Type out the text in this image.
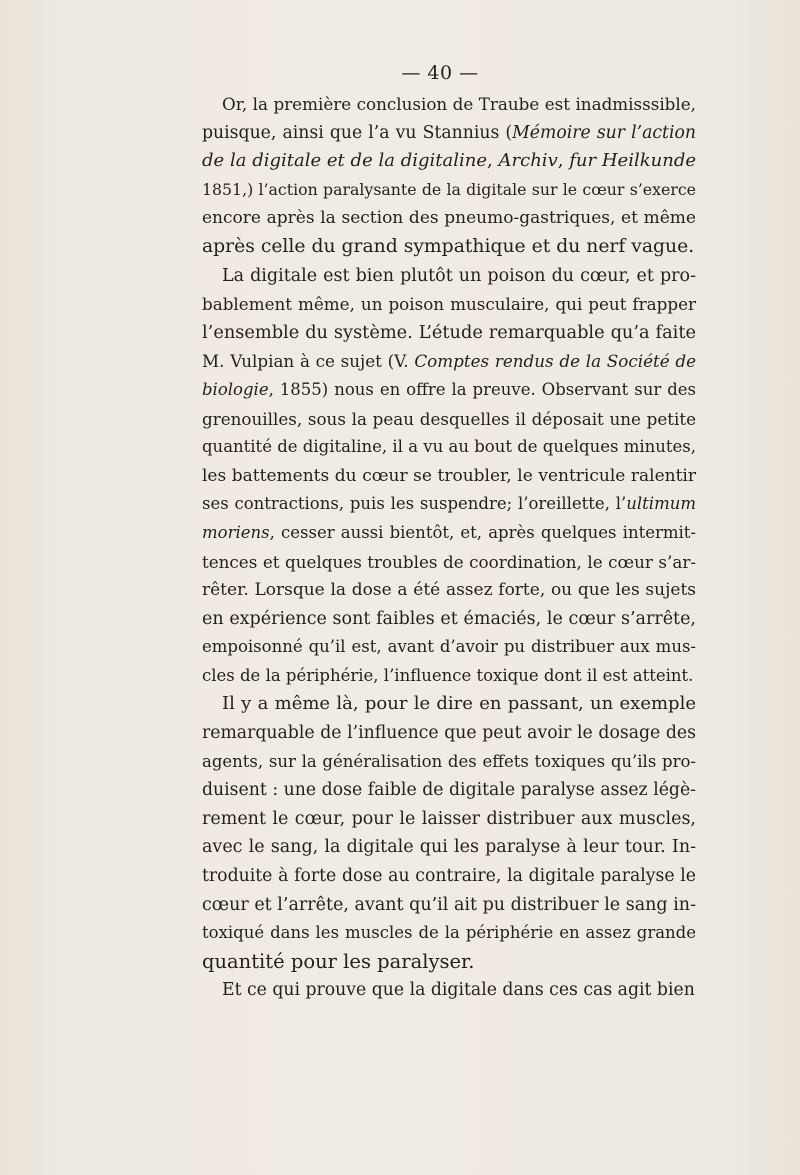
— 40 —
Or, la première conclusion de Traube est inadmisssible,
puisque, ainsi que l’a vu Stannius (Mémoire sur l’action
de la digitale et de la digitaline, Archiv, fur Heilkunde
1851,) l’action paralysante de la digitale sur le cœur s’exerce
encore après la section des pneumo-gastriques, et même
après celle du grand sympathique et du nerf vague.
La digitale est bien plutôt un poison du cœur, et pro-
bablement même, un poison musculaire, qui peut frapper
l’ensemble du système. L’étude remarquable qu’a faite
M. Vulpian à ce sujet (V. Comptes rendus de la Société de
biologie, 1855) nous en offre la preuve. Observant sur des
grenouilles, sous la peau desquelles il déposait une petite
quantité de digitaline, il a vu au bout de quelques minutes,
les battements du cœur se troubler, le ventricule ralentir
ses contractions, puis les suspendre; l’oreillette, l’ultimum
moriens, cesser aussi bientôt, et, après quelques intermit-
tences et quelques troubles de coordination, le cœur s’ar-
rêter. Lorsque la dose a été assez forte, ou que les sujets
en expérience sont faibles et émaciés, le cœur s’arrête,
empoisonné qu’il est, avant d’avoir pu distribuer aux mus-
cles de la périphérie, l’influence toxique dont il est atteint.
Il y a même là, pour le dire en passant, un exemple
remarquable de l’influence que peut avoir le dosage des
agents, sur la généralisation des effets toxiques qu’ils pro-
duisent : une dose faible de digitale paralyse assez légè-
rement le cœur, pour le laisser distribuer aux muscles,
avec le sang, la digitale qui les paralyse à leur tour. In-
troduite à forte dose au contraire, la digitale paralyse le
cœur et l’arrête, avant qu’il ait pu distribuer le sang in-
toxiqué dans les muscles de la périphérie en assez grande
quantité pour les paralyser.
Et ce qui prouve que la digitale dans ces cas agit bien
